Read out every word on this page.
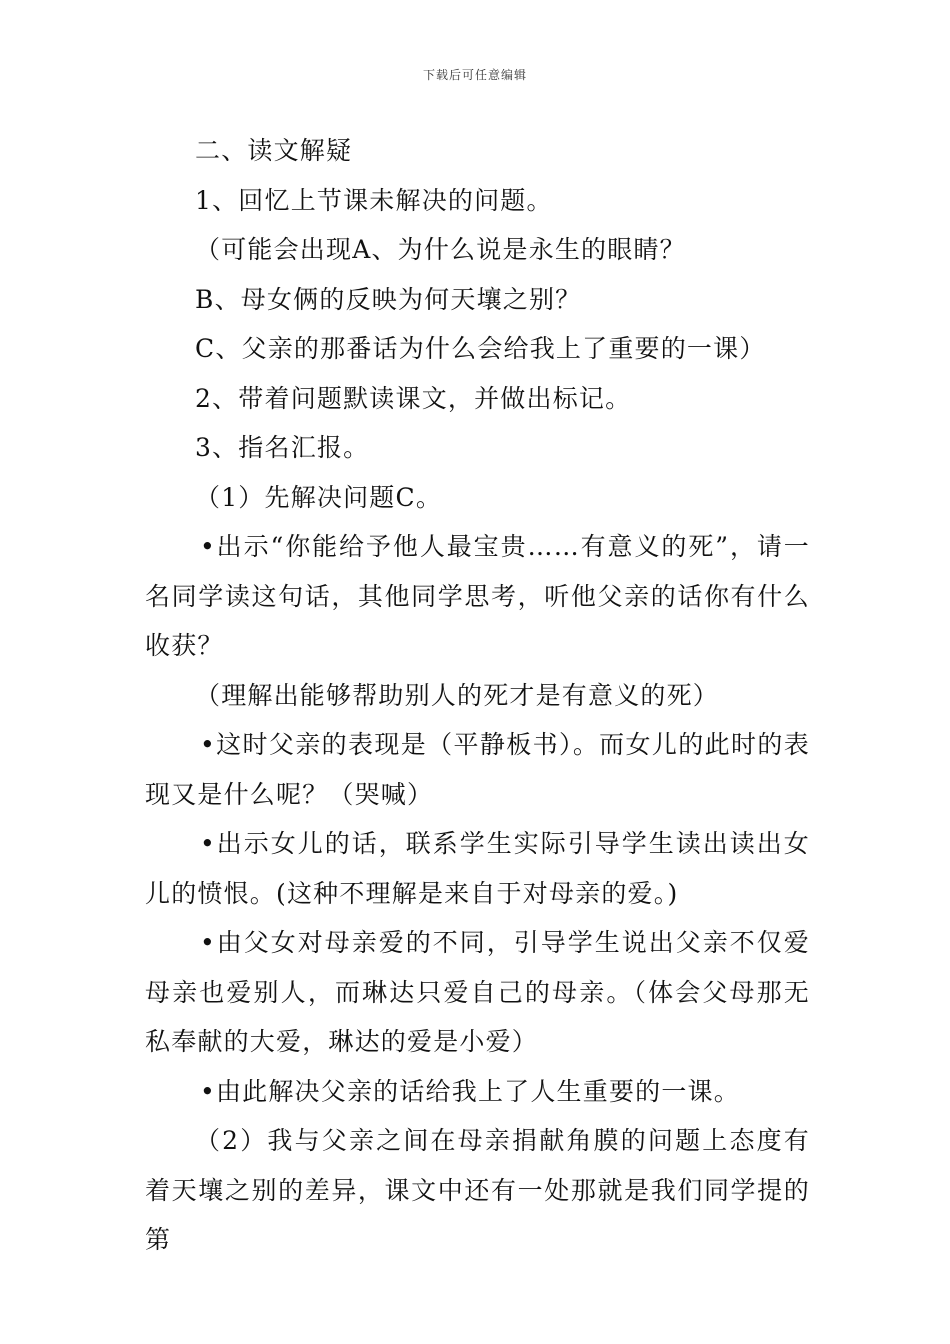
下载后可任意编辑

二、读文解疑

1、回忆上节课未解决的问题。

（可能会出现A、为什么说是永生的眼睛？

B、母女俩的反映为何天壤之别？

C、父亲的那番话为什么会给我上了重要的一课）

2、带着问题默读课文，并做出标记。

3、指名汇报。

（1）先解决问题C。

•出示“你能给予他人最宝贵……有意义的死”，请一名同学读这句话，其他同学思考，听他父亲的话你有什么收获？

（理解出能够帮助别人的死才是有意义的死）

•这时父亲的表现是（平静板书）。而女儿的此时的表现又是什么呢？（哭喊）

•出示女儿的话，联系学生实际引导学生读出读出女儿的愤恨。(这种不理解是来自于对母亲的爱。)

•由父女对母亲爱的不同，引导学生说出父亲不仅爱母亲也爱别人，而琳达只爱自己的母亲。（体会父母那无私奉献的大爱，琳达的爱是小爱）

•由此解决父亲的话给我上了人生重要的一课。

（2）我与父亲之间在母亲捐献角膜的问题上态度有着天壤之别的差异，课文中还有一处那就是我们同学提的第
